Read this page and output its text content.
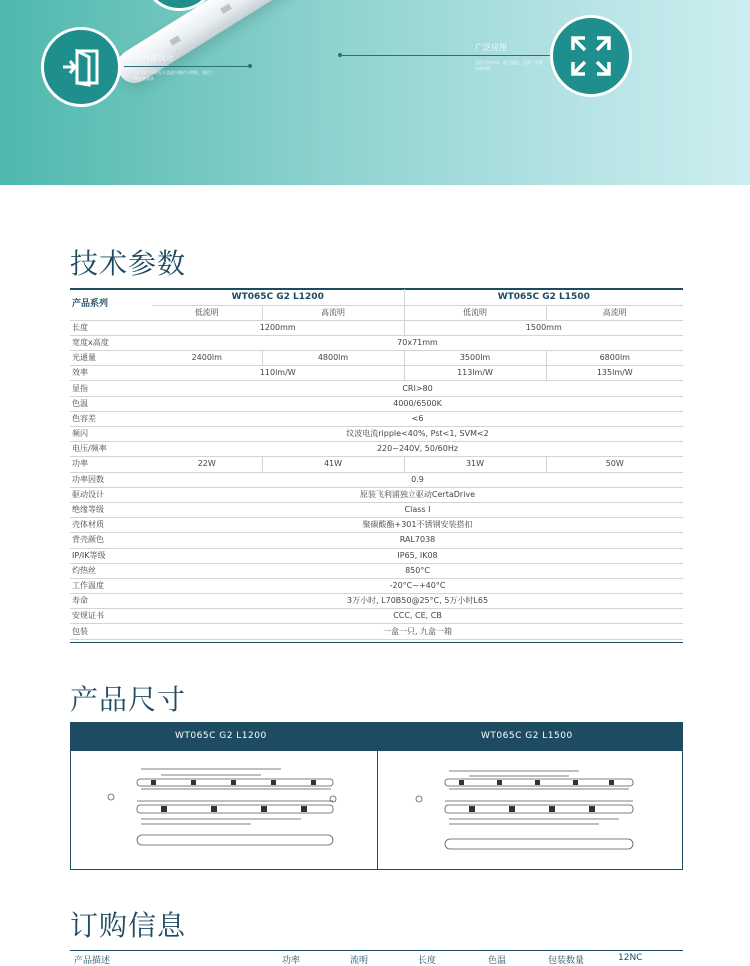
可开盖设计
用户客户可轻松开盖进行维护与替换，满足工程安装需求
广泛应用
适用于停车场、地下通道、仓库厂房等多种场所
技术参数
产品系列	WT065C G2 L1200		WT065C G2 L1500	
	低流明	高流明	低流明	高流明
长度	1200mm		1500mm	
宽度x高度	70x71mm			
光通量	2400lm	4800lm	3500lm	6800lm
效率	110lm/W		113lm/W	135lm/W
显指	CRI>80			
色温	4000/6500K			
色容差	<6			
频闪	纹波电流ripple<40%, Pst<1, SVM<2			
电压/频率	220~240V, 50/60Hz			
功率	22W	41W	31W	50W
功率因数	0.9			
驱动设计	原装飞利浦独立驱动CertaDrive			
绝缘等级	Class I			
壳体材质	聚碳酸酯+301不锈钢安装搭扣			
背壳颜色	RAL7038			
IP/IK等级	IP65, IK08			
灼热丝	850°C			
工作温度	-20°C~+40°C			
寿命	3万小时, L70B50@25°C, 5万小时L65			
安规证书	CCC, CE, CB			
包装	一盒一只, 九盒一箱			
产品尺寸
WT065C G2 L1200	WT065C G2 L1500
订购信息
产品描述	功率	流明	长度	色温	包装数量	12NC
